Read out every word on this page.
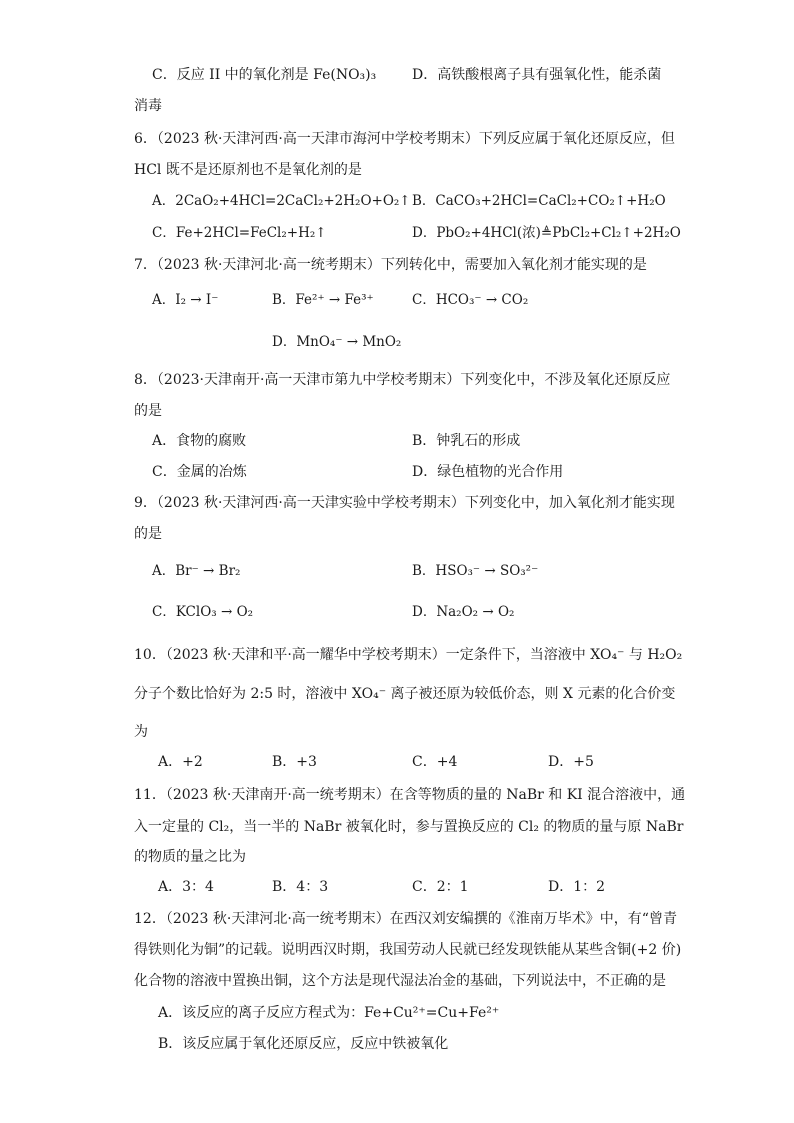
C．反应 II 中的氧化剂是 Fe(NO₃)₃	D．高铁酸根离子具有强氧化性，能杀菌
消毒
6．（2023 秋·天津河西·高一天津市海河中学校考期末）下列反应属于氧化还原反应，但
HCl 既不是还原剂也不是氧化剂的是
A．2CaO₂+4HCl=2CaCl₂+2H₂O+O₂↑ B．CaCO₃+2HCl=CaCl₂+CO₂↑+H₂O
C．Fe+2HCl=FeCl₂+H₂↑	D．PbO₂+4HCl(浓)≜PbCl₂+Cl₂↑+2H₂O
7．（2023 秋·天津河北·高一统考期末）下列转化中，需要加入氧化剂才能实现的是
A．I₂ → I⁻	B．Fe²⁺ → Fe³⁺	C．HCO₃⁻ → CO₂
D．MnO₄⁻ → MnO₂
8．（2023·天津南开·高一天津市第九中学校考期末）下列变化中，不涉及氧化还原反应
的是
A．食物的腐败	B．钟乳石的形成
C．金属的冶炼	D．绿色植物的光合作用
9．（2023 秋·天津河西·高一天津实验中学校考期末）下列变化中，加入氧化剂才能实现
的是
A．Br⁻ → Br₂	B．HSO₃⁻ → SO₃²⁻
C．KClO₃ → O₂	D．Na₂O₂ → O₂
10．（2023 秋·天津和平·高一耀华中学校考期末）一定条件下，当溶液中 XO₄⁻ 与 H₂O₂
分子个数比恰好为 2:5 时，溶液中 XO₄⁻ 离子被还原为较低价态，则 X 元素的化合价变
为
A．+2	B．+3	C．+4	D．+5
11．（2023 秋·天津南开·高一统考期末）在含等物质的量的 NaBr 和 KI 混合溶液中，通
入一定量的 Cl₂，当一半的 NaBr 被氧化时，参与置换反应的 Cl₂ 的物质的量与原 NaBr
的物质的量之比为
A．3：4	B．4：3	C．2：1	D．1：2
12．（2023 秋·天津河北·高一统考期末）在西汉刘安编撰的《淮南万毕术》中，有“曾青
得铁则化为铜”的记载。说明西汉时期，我国劳动人民就已经发现铁能从某些含铜(+2 价)
化合物的溶液中置换出铜，这个方法是现代湿法冶金的基础，下列说法中，不正确的是
A．该反应的离子反应方程式为：Fe+Cu²⁺=Cu+Fe²⁺
B．该反应属于氧化还原反应，反应中铁被氧化
